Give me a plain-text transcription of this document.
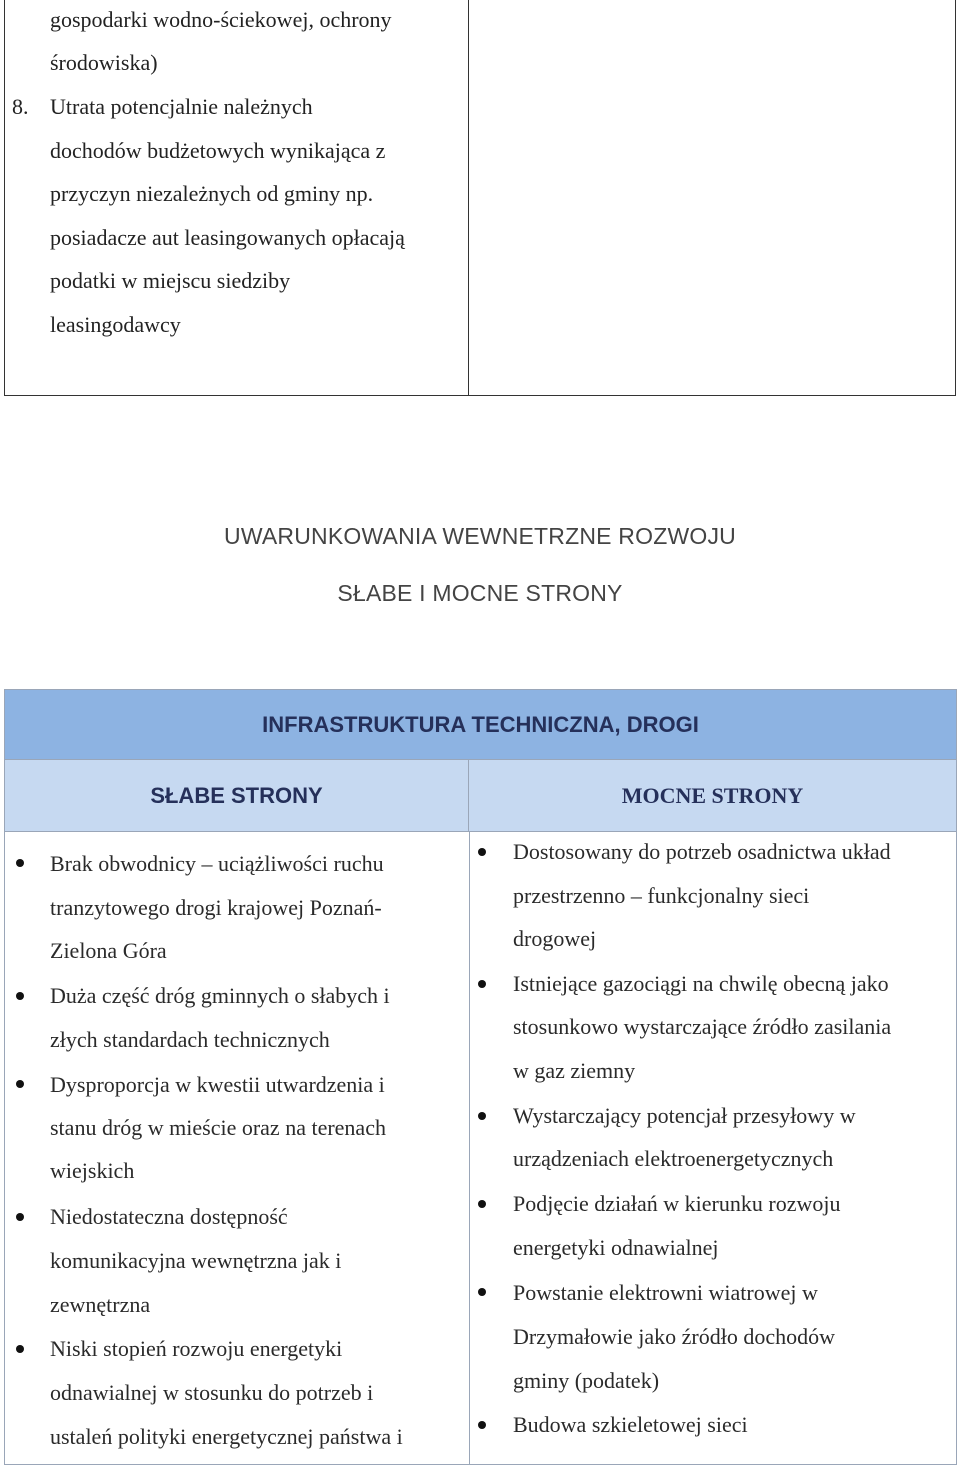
gospodarki wodno-ściekowej, ochrony
środowiska)
8. Utrata potencjalnie należnych
dochodów budżetowych wynikająca z
przyczyn niezależnych od gminy np.
posiadacze aut leasingowanych opłacają
podatki w miejscu siedziby
leasingodawcy
UWARUNKOWANIA WEWNETRZNE ROZWOJU
SŁABE I MOCNE STRONY
INFRASTRUKTURA TECHNICZNA, DROGI
SŁABE STRONY	MOCNE STRONY
Brak obwodnicy – uciążliwości ruchu
tranzytowego drogi krajowej Poznań-
Zielona Góra
Duża część dróg gminnych o słabych i
złych standardach technicznych
Dysproporcja w kwestii utwardzenia i
stanu dróg w mieście oraz na terenach
wiejskich
Niedostateczna dostępność
komunikacyjna wewnętrzna jak i
zewnętrzna
Niski stopień rozwoju energetyki
odnawialnej w stosunku do potrzeb i
ustaleń polityki energetycznej państwa i
Dostosowany do potrzeb osadnictwa układ
przestrzenno – funkcjonalny sieci
drogowej
Istniejące gazociągi na chwilę obecną jako
stosunkowo wystarczające źródło zasilania
w gaz ziemny
Wystarczający potencjał przesyłowy w
urządzeniach elektroenergetycznych
Podjęcie działań w kierunku rozwoju
energetyki odnawialnej
Powstanie elektrowni wiatrowej w
Drzymałowie jako źródło dochodów
gminy (podatek)
Budowa szkieletowej sieci
